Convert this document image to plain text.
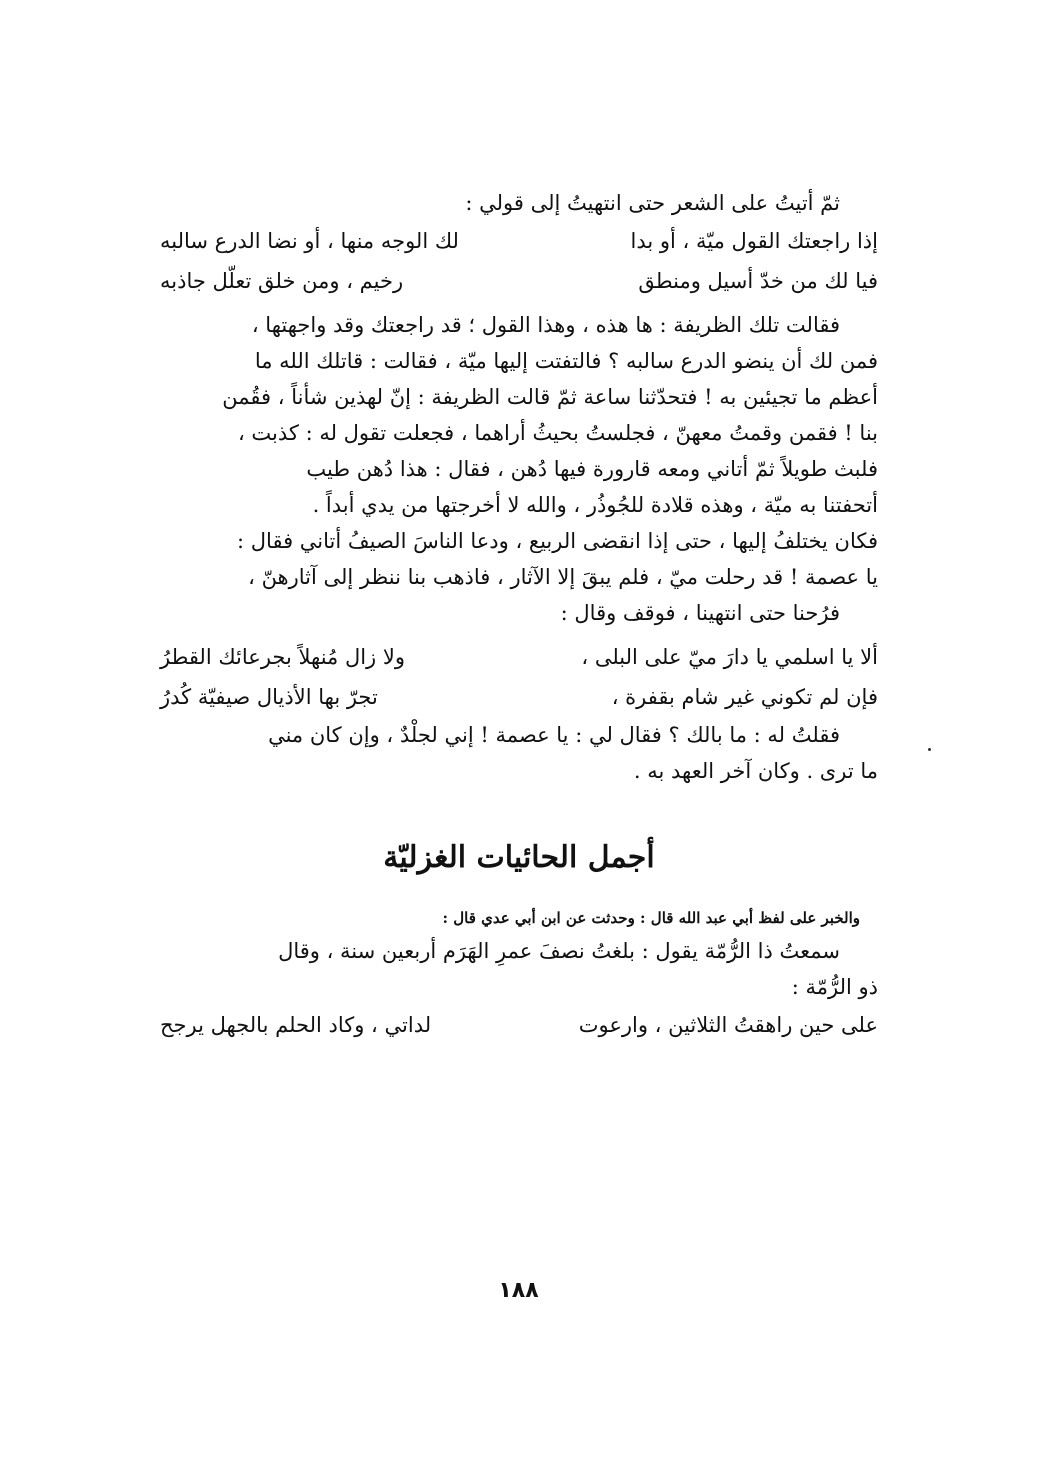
ثمّ أتيتُ على الشعر حتى انتهيتُ إلى قولي :
إذا راجعتك القول ميّة ، أو بدا
لك الوجه منها ، أو نضا الدرع سالبه
فيا لك من خدّ أسيل ومنطق
رخيم ، ومن خلق تعلّل جاذبه
فقالت تلك الظريفة : ها هذه ، وهذا القول ؛ قد راجعتك وقد واجهتها ،
فمن لك أن ينضو الدرع سالبه ؟ فالتفتت إليها ميّة ، فقالت : قاتلك الله ما
أعظم ما تجيئين به ! فتحدّثنا ساعة ثمّ قالت الظريفة : إنّ لهذين شأناً ، فقُمن
بنا ! فقمن وقمتُ معهنّ ، فجلستُ بحيثُ أراهما ، فجعلت تقول له : كذبت ،
فلبث طويلاً ثمّ أتاني ومعه قارورة فيها دُهن ، فقال : هذا دُهن طيب
أتحفتنا به ميّة ، وهذه قلادة للجُوذُر ، والله لا أخرجتها من يدي أبداً .
فكان يختلفُ إليها ، حتى إذا انقضى الربيع ، ودعا الناسَ الصيفُ أتاني فقال :
يا عصمة ! قد رحلت ميّ ، فلم يبقَ إلا الآثار ، فاذهب بنا ننظر إلى آثارهنّ ،
فرُحنا حتى انتهينا ، فوقف وقال :
ألا يا اسلمي يا دارَ ميّ على البلى ،
ولا زال مُنهلاً بجرعائك القطرُ
فإن لم تكوني غير شام بقفرة ،
تجرّ بها الأذيال صيفيّة كُدرُ
فقلتُ له : ما بالك ؟ فقال لي : يا عصمة ! إني لجلْدٌ ، وإن كان مني
ما ترى . وكان آخر العهد به .
أجمل الحائيات الغزليّة
والخبر على لفظ أبي عبد الله قال : وحدثت عن ابن أبي عدي قال :
سمعتُ ذا الرُّمّة يقول : بلغتُ نصفَ عمرِ الهَرَم أربعين سنة ، وقال
ذو الرُّمّة :
على حين راهقتُ الثلاثين ، وارعوت
لداتي ، وكاد الحلم بالجهل يرجح
١٨٨
